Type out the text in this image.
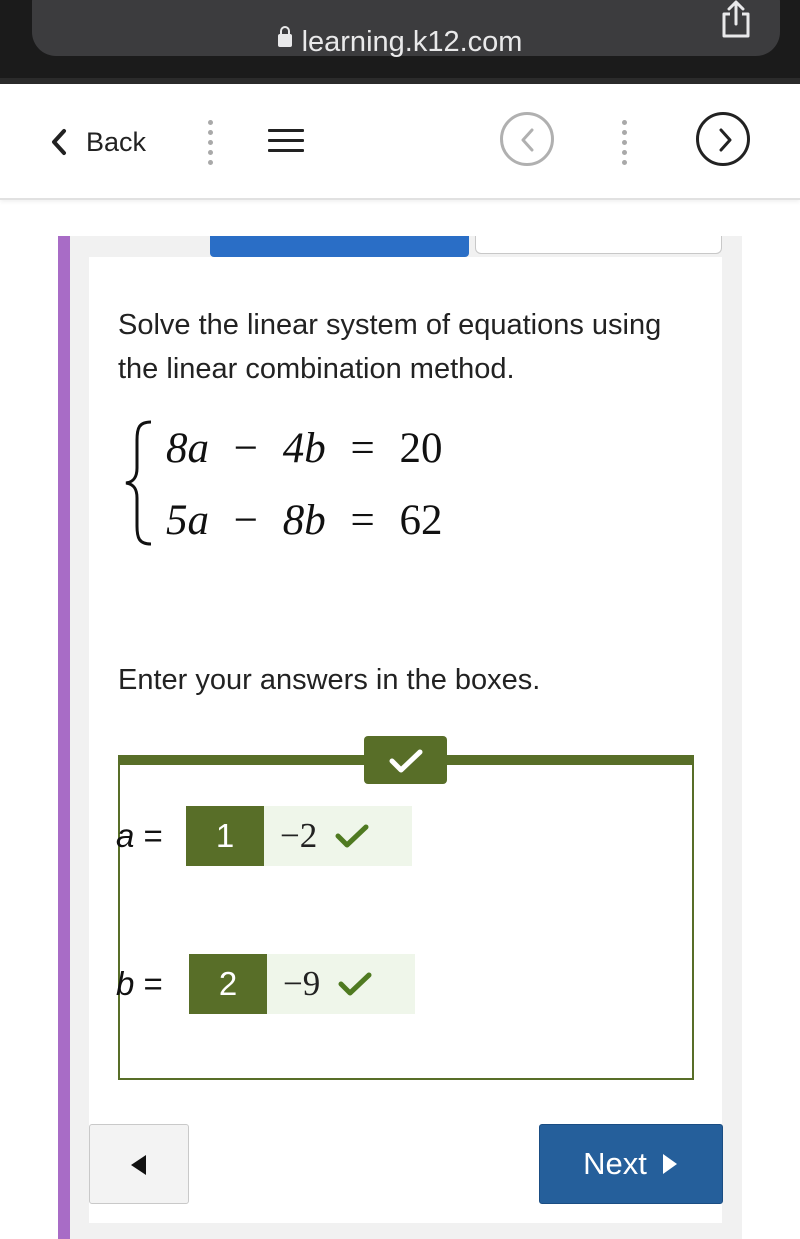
learning.k12.com
Back

Solve the linear system of equations using the linear combination method.

8a − 4b = 20
5a − 8b = 62

Enter your answers in the boxes.

a =	1	−2
b =	2	−9
Next
